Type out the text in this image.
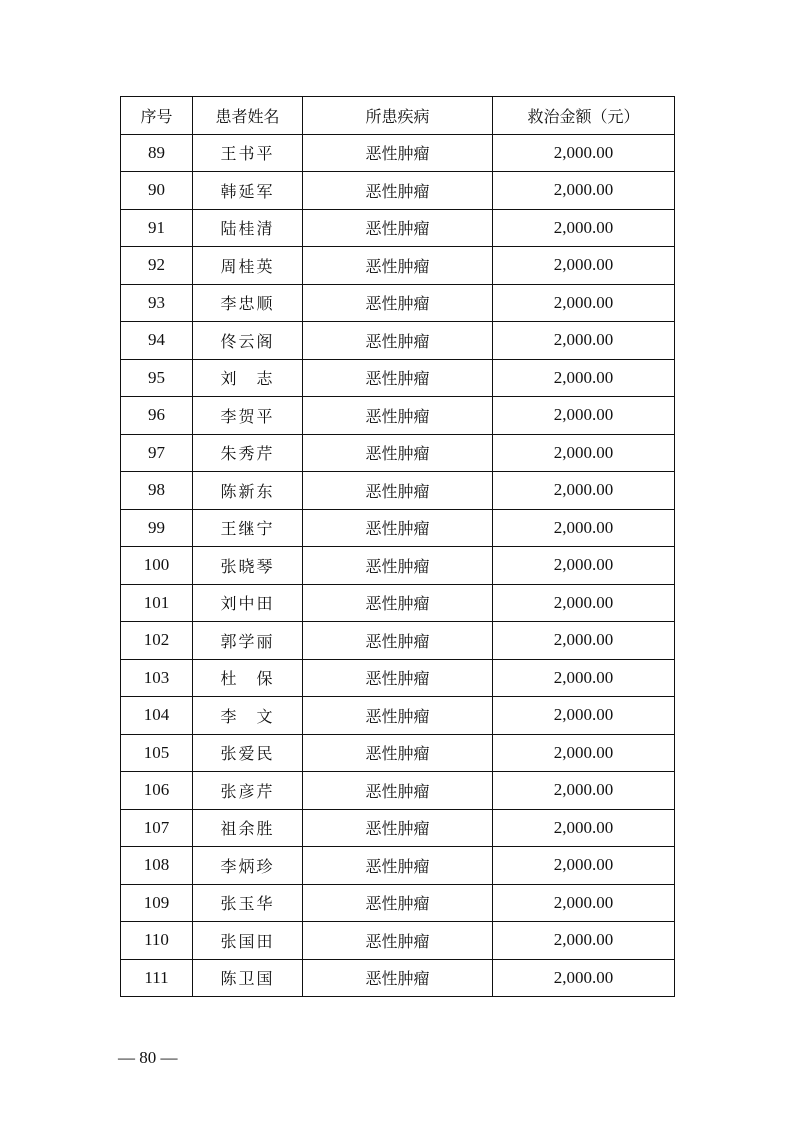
序号	患者姓名	所患疾病	救治金额（元）
89	王书平	恶性肿瘤	2,000.00
90	韩延军	恶性肿瘤	2,000.00
91	陆桂清	恶性肿瘤	2,000.00
92	周桂英	恶性肿瘤	2,000.00
93	李忠顺	恶性肿瘤	2,000.00
94	佟云阁	恶性肿瘤	2,000.00
95	刘　志	恶性肿瘤	2,000.00
96	李贺平	恶性肿瘤	2,000.00
97	朱秀芹	恶性肿瘤	2,000.00
98	陈新东	恶性肿瘤	2,000.00
99	王继宁	恶性肿瘤	2,000.00
100	张晓琴	恶性肿瘤	2,000.00
101	刘中田	恶性肿瘤	2,000.00
102	郭学丽	恶性肿瘤	2,000.00
103	杜　保	恶性肿瘤	2,000.00
104	李　文	恶性肿瘤	2,000.00
105	张爱民	恶性肿瘤	2,000.00
106	张彦芹	恶性肿瘤	2,000.00
107	祖余胜	恶性肿瘤	2,000.00
108	李炳珍	恶性肿瘤	2,000.00
109	张玉华	恶性肿瘤	2,000.00
110	张国田	恶性肿瘤	2,000.00
111	陈卫国	恶性肿瘤	2,000.00
— 80 —
